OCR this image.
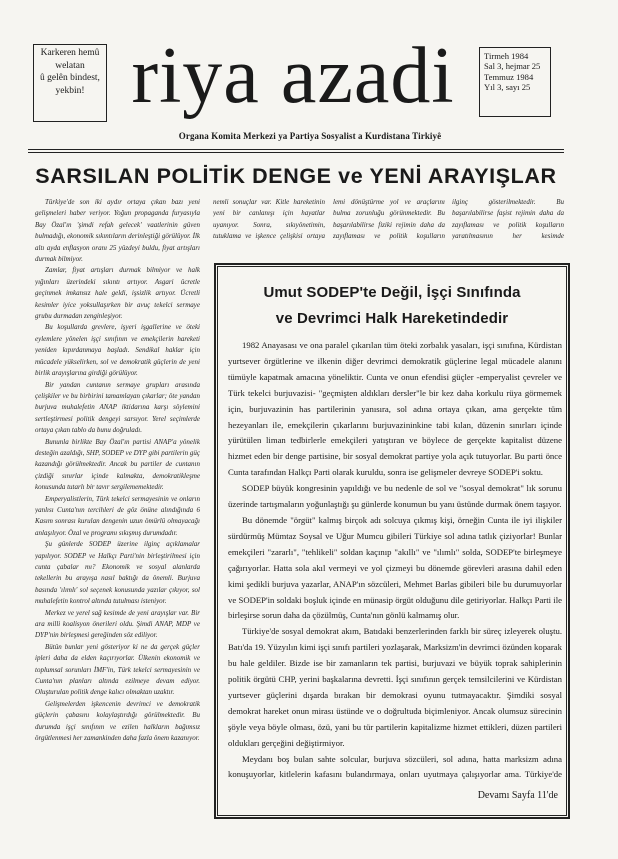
Karkeren hemû
welatan
û gelên bindest,
yekbin! riya azadi	Tirmeh 1984
Sal 3, hejmar 25
Temmuz 1984
Yıl 3, sayı 25
Organa Komita Merkezi ya Partiya Sosyalist a Kurdistana Tirkiyê
SARSILAN POLİTİK DENGE ve YENİ ARAYIŞLAR

Türkiye'de son iki aydır ortaya çıkan bazı yeni gelişmeleri haber veriyor. Yoğun propaganda furyasıyla Bay Özal'ın 'şimdi refah gelecek' vaatlerinin güven bulmadığı, ekonomik sıkıntıların derinleştiği görülüyor. İlk altı ayda enflasyon oranı 25 yüzdeyi buldu, fiyat artışları durmak bilmiyor.

Zamlar, fiyat artışları durmak bilmiyor ve halk yığınları üzerindeki sıkıntı artıyor. Asgari ücretle geçinmek imkansız hale geldi, işsizlik artıyor. Ücretli kesimler iyice yoksullaşırken bir avuç tekelci sermaye grubu durmadan zenginleşiyor.

Bu koşullarda grevlere, işyeri işgallerine ve öteki eylemlere yönelen işçi sınıfının ve emekçilerin hareketi yeniden kıpırdanmaya başladı. Sendikal haklar için mücadele yükselirken, sol ve demokratik güçlerin de yeni birlik arayışlarına girdiği görülüyor.

Bir yandan cuntanın sermaye grupları arasında çelişkiler ve bu birbirini tamamlayan çıkarlar; öte yandan burjuva muhalefetin ANAP iktidarına karşı söylemini sertleştirmesi politik dengeyi sarsıyor. Yerel seçimlerde ortaya çıkan tablo da bunu doğruladı.

Bununla birlikte Bay Özal'ın partisi ANAP'a yönelik desteğin azaldığı, SHP, SODEP ve DYP gibi partilerin güç kazandığı görülmektedir. Ancak bu partiler de cuntanın çizdiği sınırlar içinde kalmakta, demokratikleşme konusunda tutarlı bir tavır sergilememektedir.

Emperyalistlerin, Türk tekelci sermayesinin ve onların yanlısı Cunta'nın tercihleri de göz önüne alındığında 6 Kasım sonrası kurulan dengenin uzun ömürlü olmayacağı anlaşılıyor. Özal ve programı sıkışmış durumdadır.

Şu günlerde SODEP üzerine ilginç açıklamalar yapılıyor. SODEP ve Halkçı Parti'nin birleştirilmesi için cunta çabalar mı? Ekonomik ve sosyal alanlarda tekellerin bu arayışa nasıl baktığı da önemli. Burjuva basında 'ılımlı' sol seçenek konusunda yazılar çıkıyor, sol muhalefetin kontrol altında tutulması isteniyor.

Merkez ve yerel sağ kesimde de yeni arayışlar var. Bir ara milli koalisyon önerileri oldu. Şimdi ANAP, MDP ve DYP'nin birleşmesi gereğinden söz ediliyor.

Bütün bunlar yeni gösteriyor ki ne da gerçek güçler ipleri daha da elden kaçırıyorlar. Ülkenin ekonomik ve toplumsal sorunları İMF'in, Türk tekelci sermayesinin ve Cunta'nın planları altında ezilmeye devam ediyor. Oluşturulan politik denge kalıcı olmaktan uzaktır.

Gelişmelerden işkencenin devrimci ve demokratik güçlerin çabasını kolaylaştırdığı görülmektedir. Bu durumda işçi sınıfının ve ezilen halkların bağımsız örgütlenmesi her zamankinden daha fazla önem kazanıyor.

nemli sonuçlar var. Kitle hareketinin yeni bir canlanışı için hayatlar uyanıyor. Sonra, sıkıyönetimin, tutuklama ve işkence çelişkisi ortaya

lemi dönüştürme yol ve araçlarını bulma zorunluğu görünmektedir. Bu başarılabilirse fiziki rejimin daha da zayıflaması ve politik koşulların

ilginç gösterilmektedir. Bu başarılabilirse faşist rejimin daha da zayıflaması ve politik koşulların yaratılmasının her kesimde

Umut SODEP'te Değil, İşçi Sınıfında
ve Devrimci Halk Hareketindedir

1982 Anayasası ve ona paralel çıkarılan tüm öteki zorbalık yasaları, işçi sınıfına, Kürdistan yurtsever örgütlerine ve ilkenin diğer devrimci demokratik güçlerine legal mücadele alanını tümüyle kapatmak amacına yöneliktir. Cunta ve onun efendisi güçler -emperyalist çevreler ve Türk tekelci burjuvazisi- "geçmişten aldıkları dersler"le bir kez daha korkulu rüya görmemek için, burjuvazinin has partilerinin yanısıra, sol adına ortaya çıkan, ama gerçekte tüm hezeyanları ile, emekçilerin çıkarlarını burjuvazininkine tabi kılan, düzenin sınırları içinde yürütülen liman tedbirlerle emekçileri yatıştıran ve böylece de gerçekte kapitalist düzene hizmet eden bir denge partisine, bir sosyal demokrat partiye yola açık tutuyorlar. Bu parti önce Cunta tarafından Halkçı Parti olarak kuruldu, sonra ise gelişmeler devreye SODEP'i soktu.

SODEP büyük kongresinin yapıldığı ve bu nedenle de sol ve "sosyal demokrat" lık sorunu üzerinde tartışmaların yoğunlaştığı şu günlerde konumun bu yanı üstünde durmak önem taşıyor.

Bu dönemde "örgüt" kalmış birçok adı solcuya çıkmış kişi, örneğin Cunta ile iyi ilişkiler sürdürmüş Mümtaz Soysal ve Uğur Mumcu gibileri Türkiye sol adına tatlık çiziyorlar! Bunlar emekçileri "zararlı", "tehlikeli" soldan kaçınıp "akıllı" ve "ılımlı" solda, SODEP'te birleşmeye çağırıyorlar. Hatta sola akıl vermeyi ve yol çizmeyi bu dönemde görevleri arasına dahil eden kimi şedikli burjuva yazarlar, ANAP'ın sözcüleri, Mehmet Barlas gibileri bile bu durumuyorlar ve SODEP'in soldaki boşluk içinde en münasip örgüt olduğunu dile getiriyorlar. Halkçı Parti ile birleşirse sorun daha da çözülmüş, Cunta'nın gönlü kalmamış olur.

Türkiye'de sosyal demokrat akım, Batıdaki benzerlerinden farklı bir süreç izleyerek oluştu. Batı'da 19. Yüzyılın kimi işçi sınıfı partileri yozlaşarak, Marksizm'in devrimci özünden koparak bu hale geldiler. Bizde ise bir zamanların tek partisi, burjuvazi ve büyük toprak sahiplerinin politik örgütü CHP, yerini başkalarına devretti. İşçi sınıfının gerçek temsilcilerini ve Kürdistan yurtsever güçlerini dışarda bırakan bir demokrasi oyunu tutmayacaktır. Şimdiki sosyal demokrat hareket onun mirası üstünde ve o doğrultuda biçimleniyor. Ancak olumsuz sürecinin şöyle veya böyle olması, özü, yani bu tür partilerin kapitalizme hizmet ettikleri, düzen partileri oldukları gerçeğini değiştirmiyor.

Meydanı boş bulan sahte solcular, burjuva sözcüleri, sol adına, hatta marksizm adına konuşuyorlar, kitlelerin kafasını bulandırmaya, onları uyutmaya çalışıyorlar ama. Türkiye'de

Devamı Sayfa 11'de
